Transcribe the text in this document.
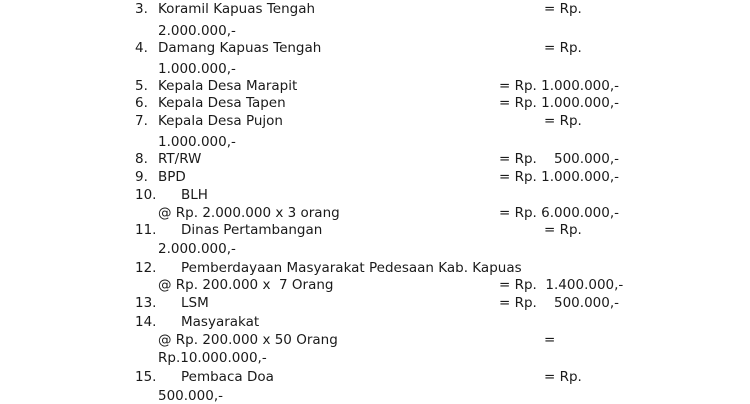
3. Koramil Kapuas Tengah	= Rp.
2.000.000,-
4. Damang Kapuas Tengah	= Rp.
1.000.000,-
5. Kepala Desa Marapit	= Rp. 1.000.000,-
6. Kepala Desa Tapen	= Rp. 1.000.000,-
7. Kepala Desa Pujon	= Rp.
1.000.000,-
8. RT/RW	= Rp.    500.000,-
9. BPD	= Rp. 1.000.000,-
10. BLH
@ Rp. 2.000.000 x 3 orang	= Rp. 6.000.000,-
11. Dinas Pertambangan	= Rp.
2.000.000,-
12. Pemberdayaan Masyarakat Pedesaan Kab. Kapuas
@ Rp. 200.000 x  7 Orang	= Rp.  1.400.000,-
13. LSM	= Rp.    500.000,-
14. Masyarakat
@ Rp. 200.000 x 50 Orang	=
Rp.10.000.000,-
15. Pembaca Doa	= Rp.
500.000,-
